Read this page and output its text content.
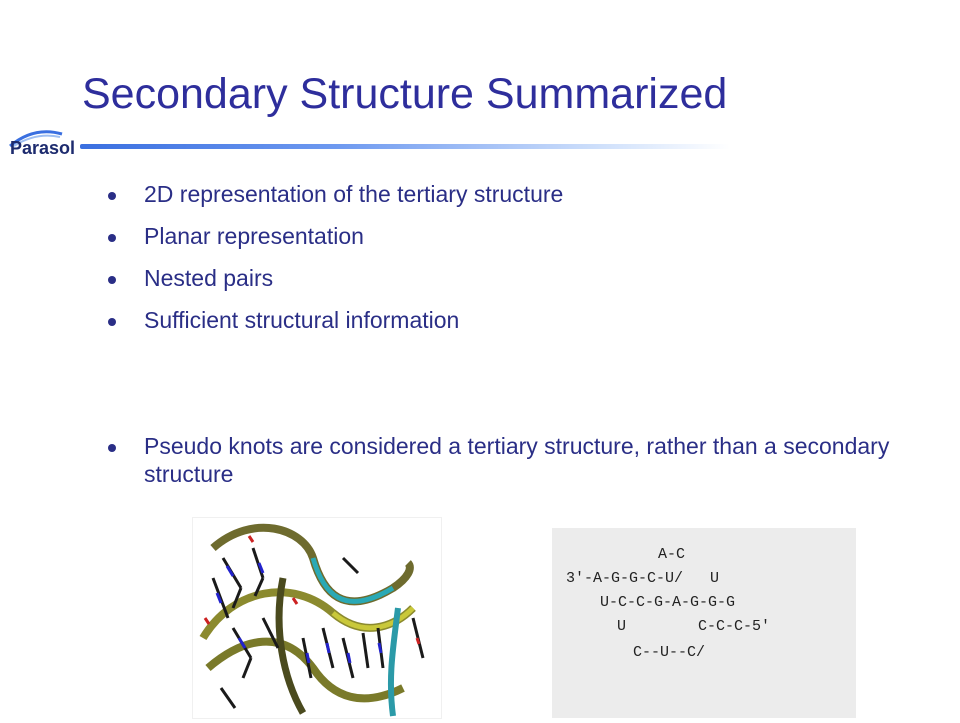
Secondary Structure Summarized
Parasol
2D representation of the tertiary structure
Planar representation
Nested pairs
Sufficient structural information
Pseudo knots are considered a tertiary structure, rather than a secondary structure
A-C
3'-A-G-G-C-U/   U
U-C-C-G-A-G-G-G
U        C-C-C-5'
C--U--C/
